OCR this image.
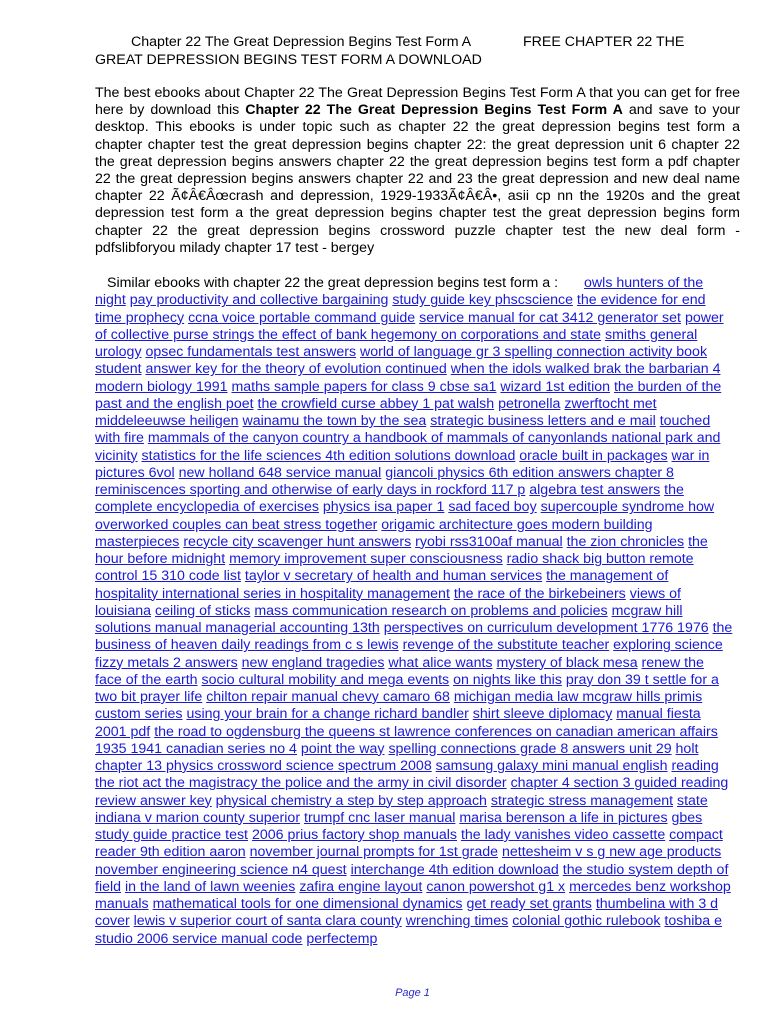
Chapter 22 The Great Depression Begins Test Form A	FREE CHAPTER 22 THE
GREAT DEPRESSION BEGINS TEST FORM A DOWNLOAD
The best ebooks about Chapter 22 The Great Depression Begins Test Form A that you can get for free here by download this Chapter 22 The Great Depression Begins Test Form A and save to your desktop. This ebooks is under topic such as chapter 22 the great depression begins test form a chapter chapter test the great depression begins chapter 22: the great depression unit 6 chapter 22 the great depression begins answers chapter 22 the great depression begins test form a pdf chapter 22 the great depression begins answers chapter 22 and 23 the great depression and new deal name chapter 22 Ã¢Â€Âœcrash and depression, 1929-1933Ã¢Â€Â•, asii cp nn the 1920s and the great depression test form a the great depression begins chapter test the great depression begins form chapter 22 the great depression begins crossword puzzle chapter test the new deal form - pdfslibforyou milady chapter 17 test - bergey
Similar ebooks with chapter 22 the great depression begins test form a : owls hunters of the night pay productivity and collective bargaining study guide key phscscience the evidence for end time prophecy ccna voice portable command guide service manual for cat 3412 generator set power of collective purse strings the effect of bank hegemony on corporations and state smiths general urology opsec fundamentals test answers world of language gr 3 spelling connection activity book student answer key for the theory of evolution continued when the idols walked brak the barbarian 4 modern biology 1991 maths sample papers for class 9 cbse sa1 wizard 1st edition the burden of the past and the english poet the crowfield curse abbey 1 pat walsh petronella zwerftocht met middeleeuwse heiligen wainamu the town by the sea strategic business letters and e mail touched with fire mammals of the canyon country a handbook of mammals of canyonlands national park and vicinity statistics for the life sciences 4th edition solutions download oracle built in packages war in pictures 6vol new holland 648 service manual giancoli physics 6th edition answers chapter 8 reminiscences sporting and otherwise of early days in rockford 117 p algebra test answers the complete encyclopedia of exercises physics isa paper 1 sad faced boy supercouple syndrome how overworked couples can beat stress together origamic architecture goes modern building masterpieces recycle city scavenger hunt answers ryobi rss3100af manual the zion chronicles the hour before midnight memory improvement super consciousness radio shack big button remote control 15 310 code list taylor v secretary of health and human services the management of hospitality international series in hospitality management the race of the birkebeiners views of louisiana ceiling of sticks mass communication research on problems and policies mcgraw hill solutions manual managerial accounting 13th perspectives on curriculum development 1776 1976 the business of heaven daily readings from c s lewis revenge of the substitute teacher exploring science fizzy metals 2 answers new england tragedies what alice wants mystery of black mesa renew the face of the earth socio cultural mobility and mega events on nights like this pray don 39 t settle for a two bit prayer life chilton repair manual chevy camaro 68 michigan media law mcgraw hills primis custom series using your brain for a change richard bandler shirt sleeve diplomacy manual fiesta 2001 pdf the road to ogdensburg the queens st lawrence conferences on canadian american affairs 1935 1941 canadian series no 4 point the way spelling connections grade 8 answers unit 29 holt chapter 13 physics crossword science spectrum 2008 samsung galaxy mini manual english reading the riot act the magistracy the police and the army in civil disorder chapter 4 section 3 guided reading review answer key physical chemistry a step by step approach strategic stress management state indiana v marion county superior trumpf cnc laser manual marisa berenson a life in pictures gbes study guide practice test 2006 prius factory shop manuals the lady vanishes video cassette compact reader 9th edition aaron november journal prompts for 1st grade nettesheim v s g new age products november engineering science n4 quest interchange 4th edition download the studio system depth of field in the land of lawn weenies zafira engine layout canon powershot g1 x mercedes benz workshop manuals mathematical tools for one dimensional dynamics get ready set grants thumbelina with 3 d cover lewis v superior court of santa clara county wrenching times colonial gothic rulebook toshiba e studio 2006 service manual code perfectemp
Page 1
